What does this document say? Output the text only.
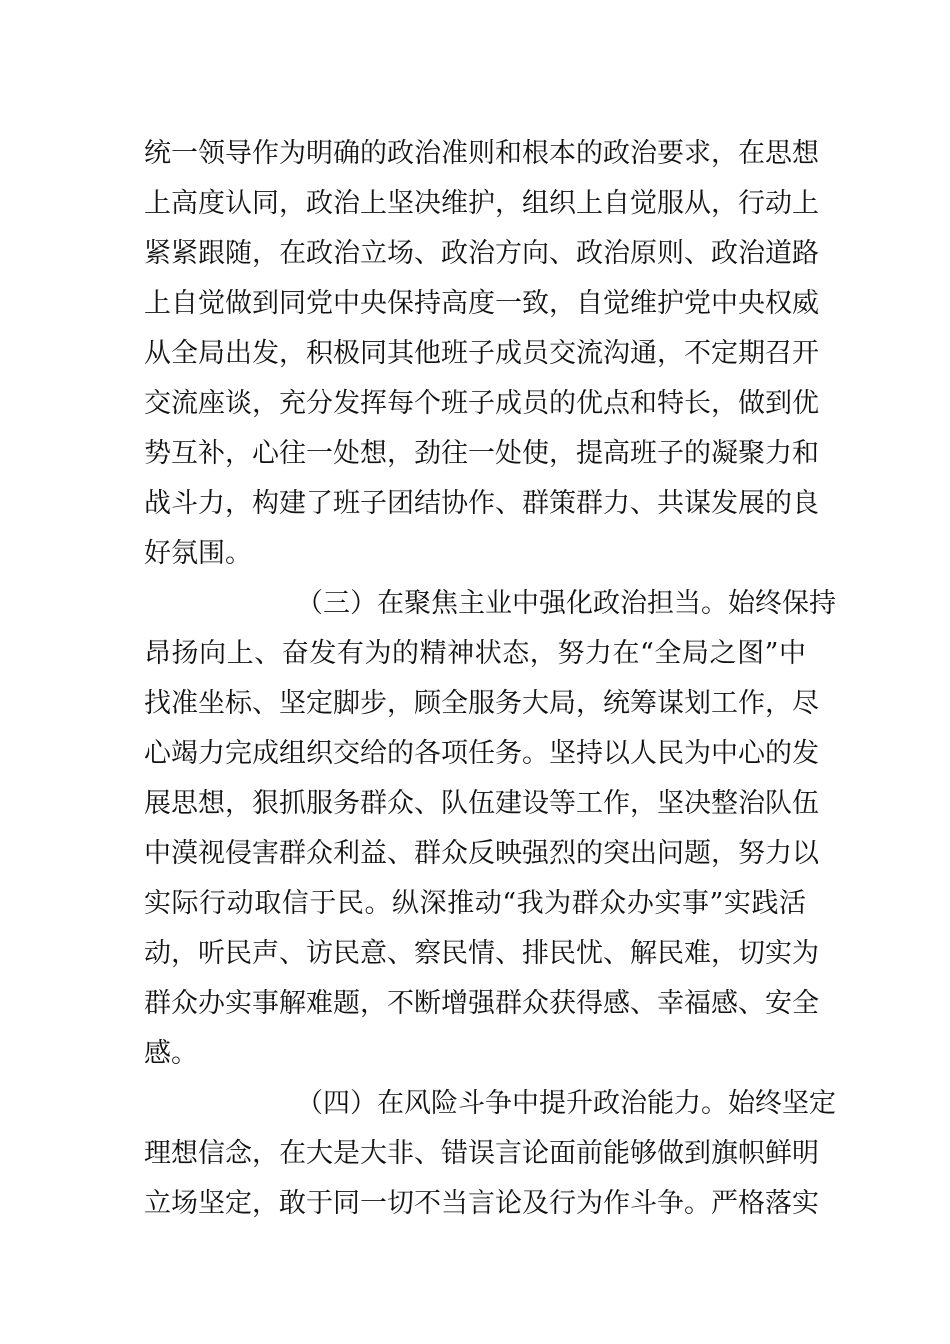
统一领导作为明确的政治准则和根本的政治要求，在思想
上高度认同，政治上坚决维护，组织上自觉服从，行动上
紧紧跟随，在政治立场、政治方向、政治原则、政治道路
上自觉做到同党中央保持高度一致，自觉维护党中央权威
从全局出发，积极同其他班子成员交流沟通，不定期召开
交流座谈，充分发挥每个班子成员的优点和特长，做到优
势互补，心往一处想，劲往一处使，提高班子的凝聚力和
战斗力，构建了班子团结协作、群策群力、共谋发展的良
好氛围。
（三）在聚焦主业中强化政治担当。始终保持
昂扬向上、奋发有为的精神状态，努力在“全局之图”中
找准坐标、坚定脚步，顾全服务大局，统筹谋划工作，尽
心竭力完成组织交给的各项任务。坚持以人民为中心的发
展思想，狠抓服务群众、队伍建设等工作，坚决整治队伍
中漠视侵害群众利益、群众反映强烈的突出问题，努力以
实际行动取信于民。纵深推动“我为群众办实事”实践活
动，听民声、访民意、察民情、排民忧、解民难，切实为
群众办实事解难题，不断增强群众获得感、幸福感、安全
感。
（四）在风险斗争中提升政治能力。始终坚定
理想信念，在大是大非、错误言论面前能够做到旗帜鲜明
立场坚定，敢于同一切不当言论及行为作斗争。严格落实
